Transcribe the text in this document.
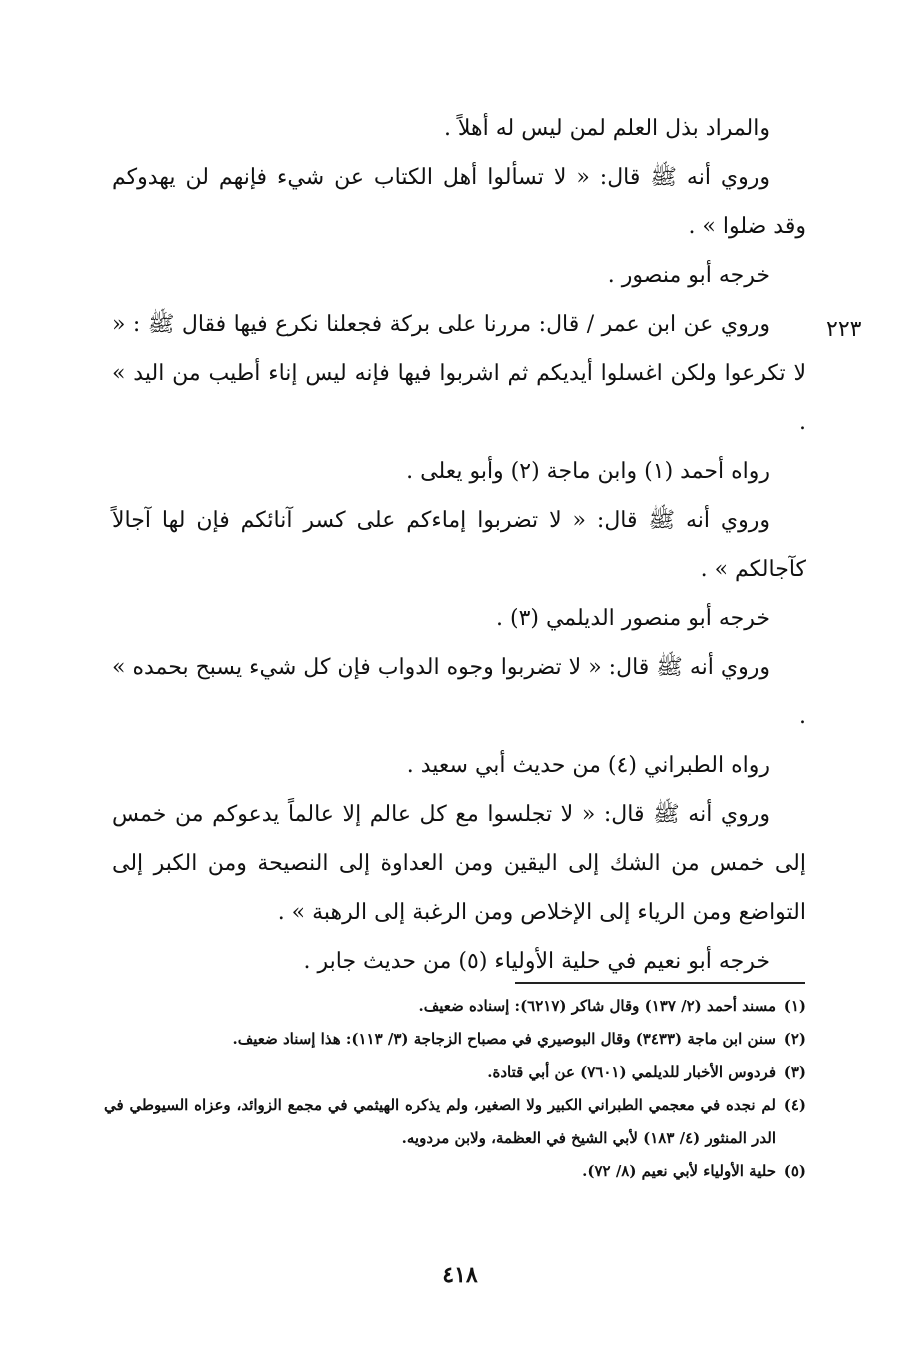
والمراد بذل العلم لمن ليس له أهلاً .

وروي أنه ﷺ قال: « لا تسألوا أهل الكتاب عن شيء فإنهم لن يهدوكم وقد ضلوا » .

خرجه أبو منصور .

وروي عن ابن عمر / قال: مررنا على بركة فجعلنا نكرع فيها فقال ﷺ : « لا تكرعوا ولكن اغسلوا أيديكم ثم اشربوا فيها فإنه ليس إناء أطيب من اليد » .

رواه أحمد (١) وابن ماجة (٢) وأبو يعلى .

وروي أنه ﷺ قال: « لا تضربوا إماءكم على كسر آنائكم فإن لها آجالاً كآجالكم » .

خرجه أبو منصور الديلمي (٣) .

وروي أنه ﷺ قال: « لا تضربوا وجوه الدواب فإن كل شيء يسبح بحمده » .

رواه الطبراني (٤) من حديث أبي سعيد .

وروي أنه ﷺ قال: « لا تجلسوا مع كل عالم إلا عالماً يدعوكم من خمس إلى خمس من الشك إلى اليقين ومن العداوة إلى النصيحة ومن الكبر إلى التواضع ومن الرياء إلى الإخلاص ومن الرغبة إلى الرهبة » .

خرجه أبو نعيم في حلية الأولياء (٥) من حديث جابر .

٢٢٣

(١)
مسند أحمد (٢/ ١٣٧) وقال شاكر (٦٢١٧): إسناده ضعيف.

(٢)
سنن ابن ماجة (٣٤٣٣) وقال البوصيري في مصباح الزجاجة (٣/ ١١٣): هذا إسناد ضعيف.

(٣)
فردوس الأخبار للديلمي (٧٦٠١) عن أبي قتادة.

(٤)
لم نجده في معجمي الطبراني الكبير ولا الصغير، ولم يذكره الهيثمي في مجمع الزوائد، وعزاه السيوطي في الدر المنثور (٤/ ١٨٣) لأبي الشيخ في العظمة، ولابن مردويه.

(٥)
حلية الأولياء لأبي نعيم (٨/ ٧٢).

٤١٨
